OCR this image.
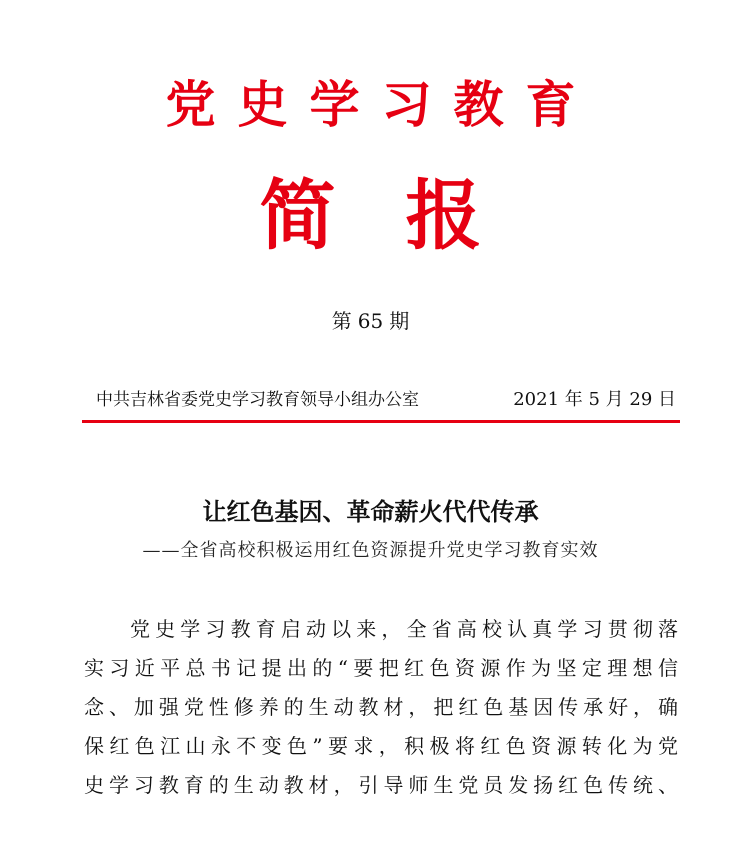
党史学习教育
简报
第 65 期
中共吉林省委党史学习教育领导小组办公室	2021 年 5 月 29 日
让红色基因、革命薪火代代传承
——全省高校积极运用红色资源提升党史学习教育实效
党史学习教育启动以来，全省高校认真学习贯彻落
实习近平总书记提出的“要把红色资源作为坚定理想信
念、加强党性修养的生动教材，把红色基因传承好，确
保红色江山永不变色”要求，积极将红色资源转化为党
史学习教育的生动教材，引导师生党员发扬红色传统、
